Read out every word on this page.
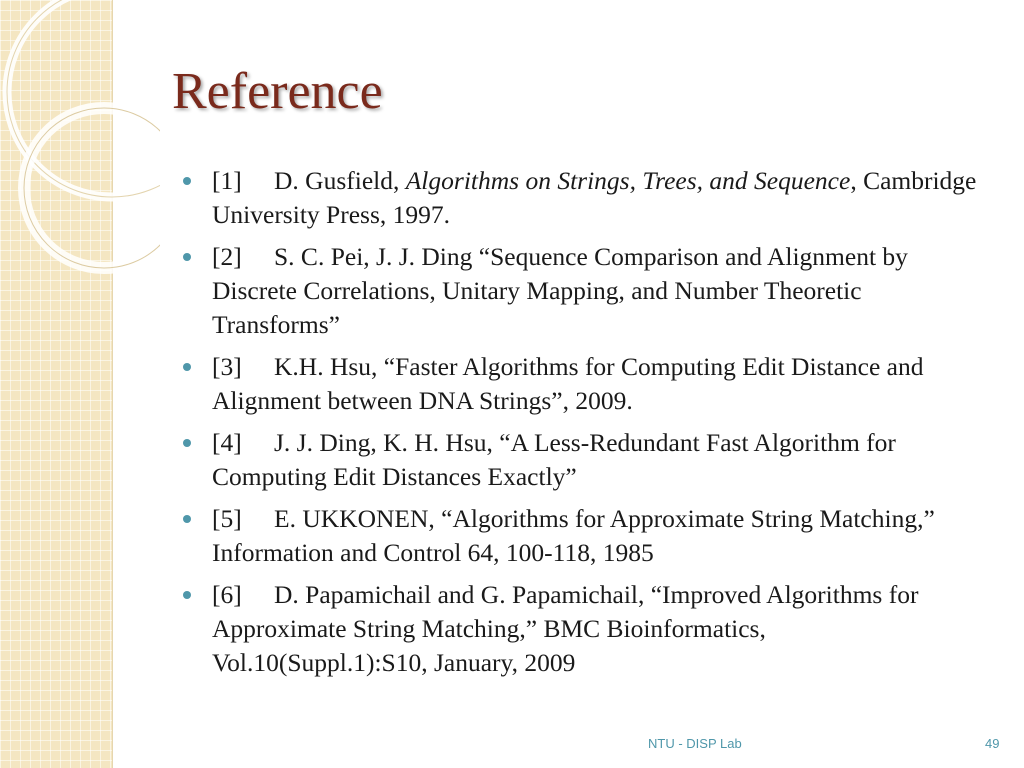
Reference
[1] D. Gusfield, Algorithms on Strings, Trees, and Sequence, Cambridge University Press, 1997.
[2] S. C. Pei, J. J. Ding “Sequence Comparison and Alignment by Discrete Correlations, Unitary Mapping, and Number Theoretic Transforms”
[3] K.H. Hsu, “Faster Algorithms for Computing Edit Distance and Alignment between DNA Strings”, 2009.
[4] J. J. Ding, K. H. Hsu, “A Less-Redundant Fast Algorithm for Computing Edit Distances Exactly”
[5] E. UKKONEN, “Algorithms for Approximate String Matching,” Information and Control 64, 100-118, 1985
[6] D. Papamichail and G. Papamichail, “Improved Algorithms for Approximate String Matching,” BMC Bioinformatics, Vol.10(Suppl.1):S10, January, 2009
NTU - DISP Lab	49
